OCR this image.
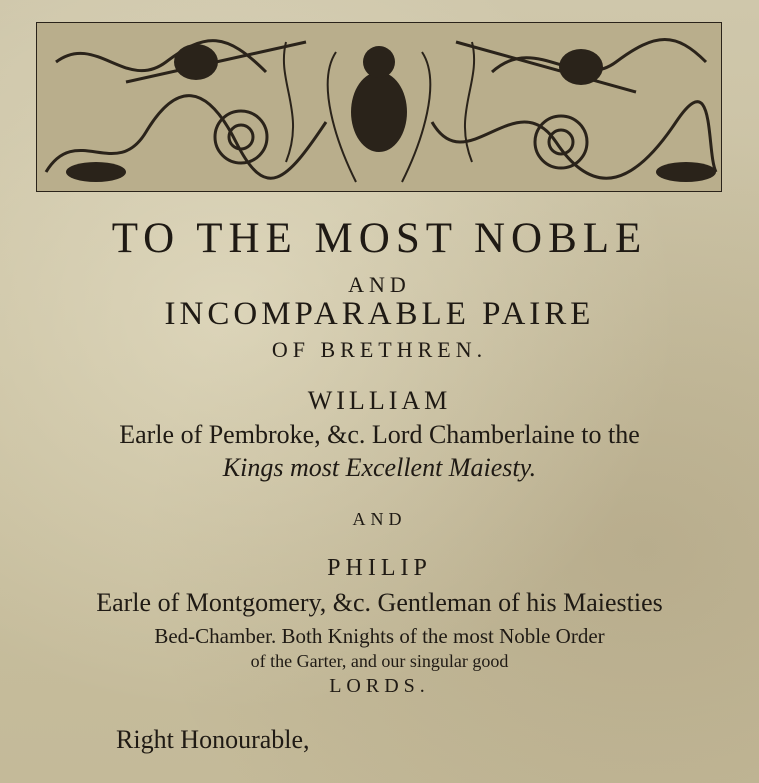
TO THE MOST NOBLE
AND
INCOMPARABLE PAIRE
OF BRETHREN.
WILLIAM
Earle of Pembroke, &c. Lord Chamberlaine to the
Kings most Excellent Maiesty.
AND
PHILIP
Earle of Montgomery, &c. Gentleman of his Maiesties
Bed-Chamber. Both Knights of the most Noble Order
of the Garter, and our singular good
LORDS.
Right Honourable,
